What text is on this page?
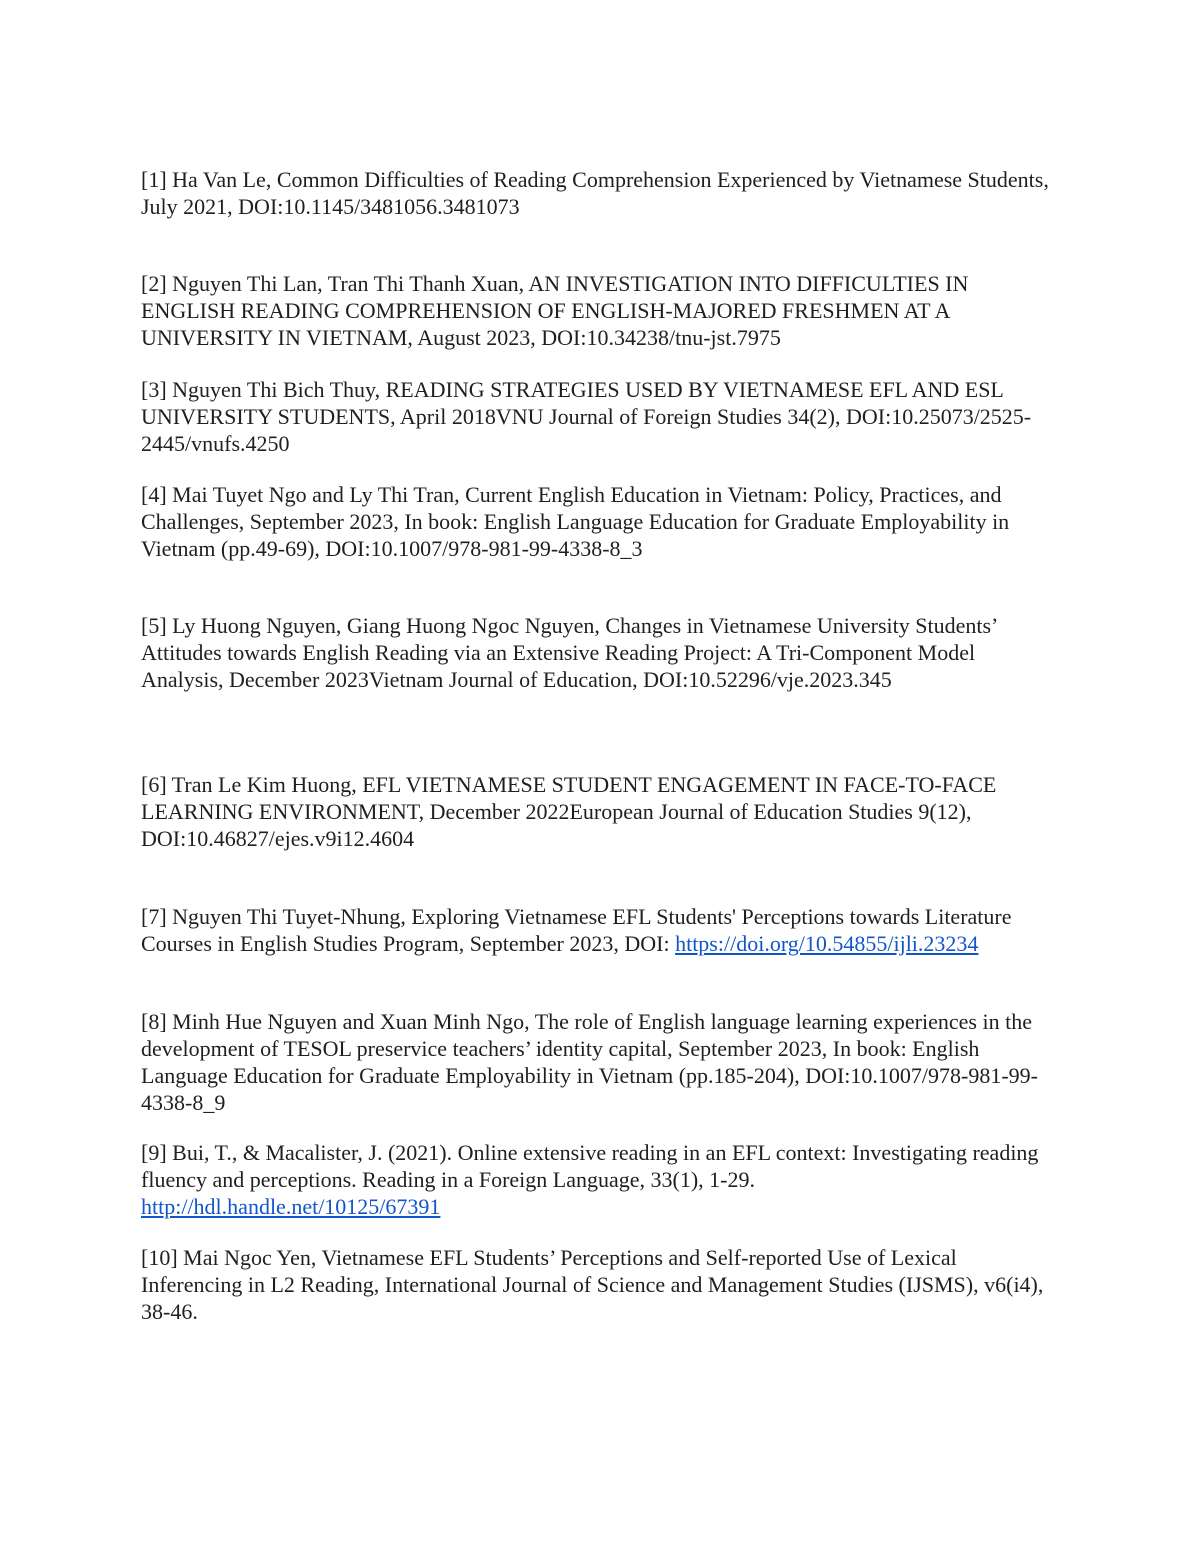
[1] Ha Van Le, Common Difficulties of Reading Comprehension Experienced by Vietnamese Students, July 2021, DOI:10.1145/3481056.3481073

[2] Nguyen Thi Lan, Tran Thi Thanh Xuan, AN INVESTIGATION INTO DIFFICULTIES IN ENGLISH READING COMPREHENSION OF ENGLISH-MAJORED FRESHMEN AT A UNIVERSITY IN VIETNAM, August 2023, DOI:10.34238/tnu-jst.7975

[3] Nguyen Thi Bich Thuy, READING STRATEGIES USED BY VIETNAMESE EFL AND ESL UNIVERSITY STUDENTS, April 2018VNU Journal of Foreign Studies 34(2), DOI:10.25073/2525-2445/vnufs.4250

[4] Mai Tuyet Ngo and Ly Thi Tran, Current English Education in Vietnam: Policy, Practices, and Challenges, September 2023, In book: English Language Education for Graduate Employability in Vietnam (pp.49-69), DOI:10.1007/978-981-99-4338-8_3

[5] Ly Huong Nguyen, Giang Huong Ngoc Nguyen, Changes in Vietnamese University Students’ Attitudes towards English Reading via an Extensive Reading Project: A Tri-Component Model Analysis, December 2023Vietnam Journal of Education, DOI:10.52296/vje.2023.345

[6] Tran Le Kim Huong, EFL VIETNAMESE STUDENT ENGAGEMENT IN FACE-TO-FACE LEARNING ENVIRONMENT, December 2022European Journal of Education Studies 9(12), DOI:10.46827/ejes.v9i12.4604

[7] Nguyen Thi Tuyet-Nhung, Exploring Vietnamese EFL Students' Perceptions towards Literature Courses in English Studies Program, September 2023, DOI: https://doi.org/10.54855/ijli.23234

[8] Minh Hue Nguyen and Xuan Minh Ngo, The role of English language learning experiences in the development of TESOL preservice teachers’ identity capital, September 2023, In book: English Language Education for Graduate Employability in Vietnam (pp.185-204), DOI:10.1007/978-981-99-4338-8_9

[9] Bui, T., & Macalister, J. (2021). Online extensive reading in an EFL context: Investigating reading fluency and perceptions. Reading in a Foreign Language, 33(1), 1-29. http://hdl.handle.net/10125/67391

[10] Mai Ngoc Yen, Vietnamese EFL Students’ Perceptions and Self-reported Use of Lexical Inferencing in L2 Reading, International Journal of Science and Management Studies (IJSMS), v6(i4), 38-46.
